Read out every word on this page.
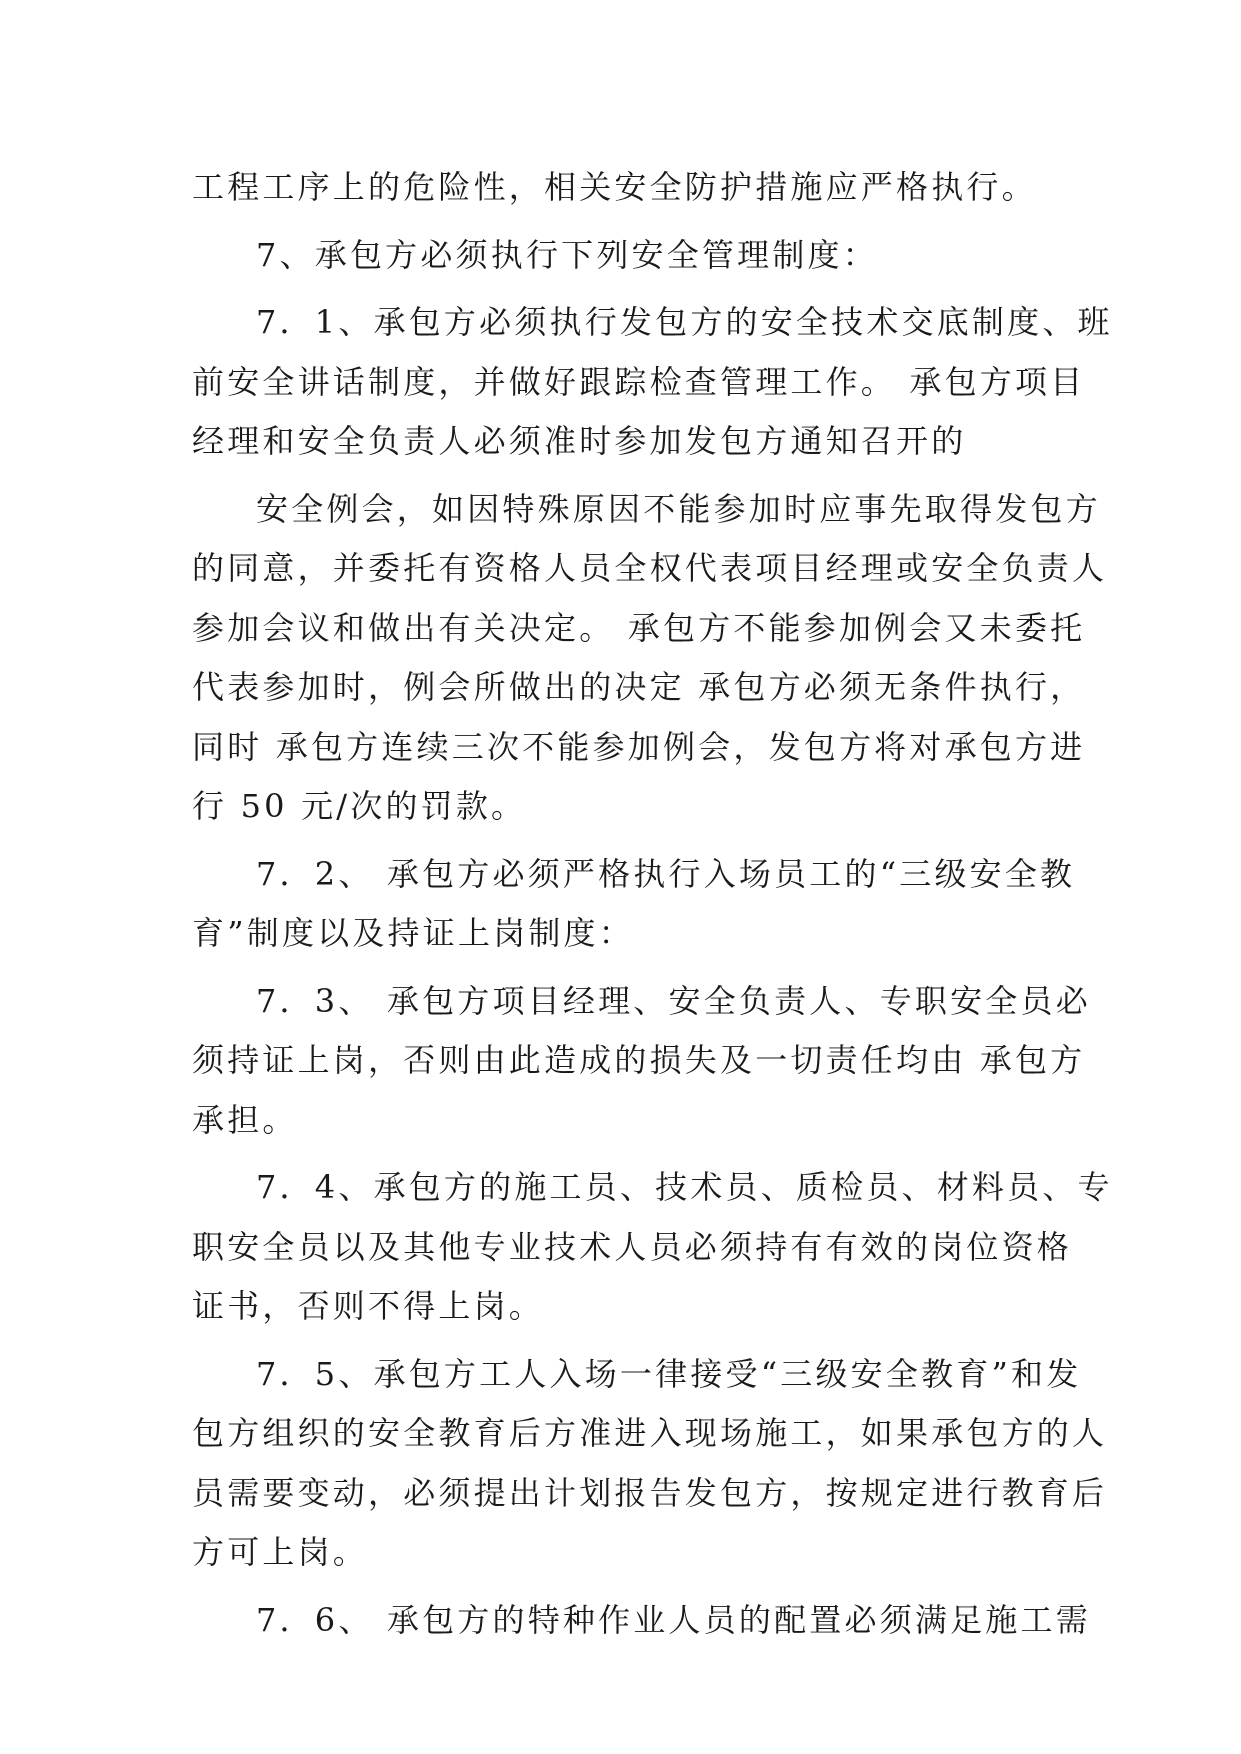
工程工序上的危险性，相关安全防护措施应严格执行。
7、承包方必须执行下列安全管理制度：
7．1、承包方必须执行发包方的安全技术交底制度、班
前安全讲话制度，并做好跟踪检查管理工作。 承包方项目
经理和安全负责人必须准时参加发包方通知召开的
安全例会，如因特殊原因不能参加时应事先取得发包方
的同意，并委托有资格人员全权代表项目经理或安全负责人
参加会议和做出有关决定。 承包方不能参加例会又未委托
代表参加时，例会所做出的决定 承包方必须无条件执行，
同时 承包方连续三次不能参加例会，发包方将对承包方进
行 50 元/次的罚款。
7．2、 承包方必须严格执行入场员工的“三级安全教
育”制度以及持证上岗制度：
7．3、 承包方项目经理、安全负责人、专职安全员必
须持证上岗，否则由此造成的损失及一切责任均由 承包方
承担。
7．4、承包方的施工员、技术员、质检员、材料员、专
职安全员以及其他专业技术人员必须持有有效的岗位资格
证书，否则不得上岗。
7．5、承包方工人入场一律接受“三级安全教育”和发
包方组织的安全教育后方准进入现场施工，如果承包方的人
员需要变动，必须提出计划报告发包方，按规定进行教育后
方可上岗。
7．6、 承包方的特种作业人员的配置必须满足施工需
